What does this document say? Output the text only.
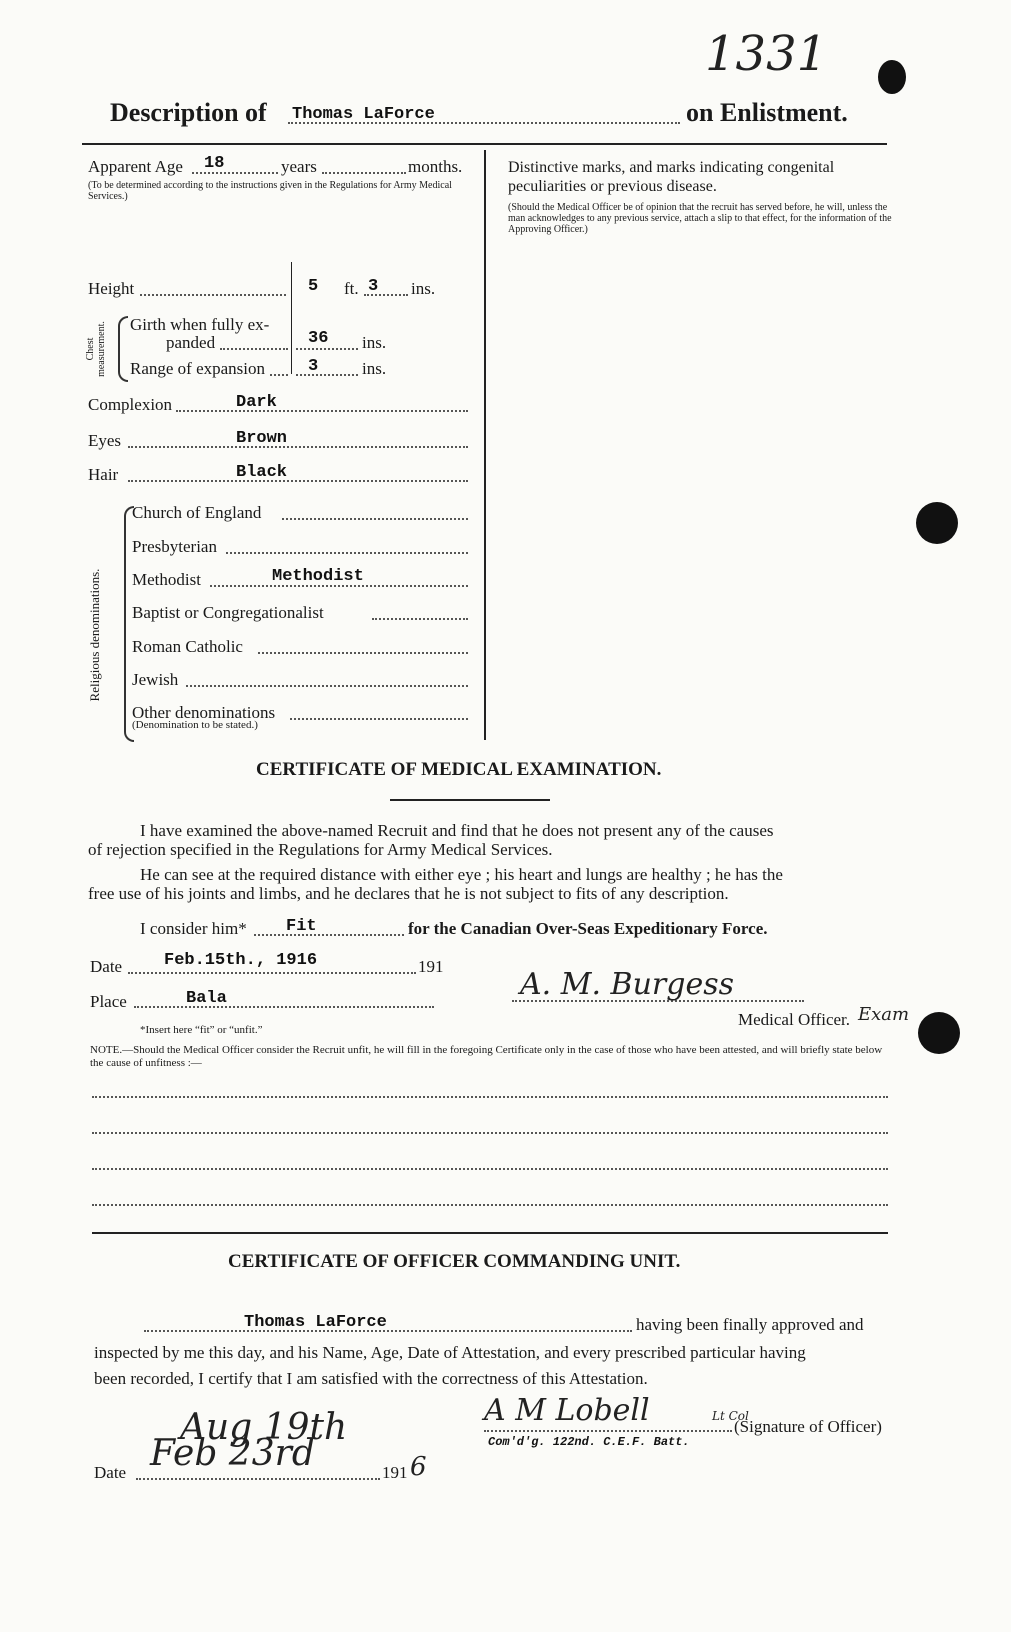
1331
Description of Thomas LaForce	on Enlistment.
Apparent Age 18	years	months.
(To be determined according to the instructions given in the Regulations for Army Medical Services.)
Height	5 ft. 3 ins.
Chest measurement.	Girth when fully ex-
panded	36 ins.
Range of expansion	3	ins.
Complexion	Dark
Eyes	Brown
Hair	Black
Religious denominations.
Church of England
Presbyterian
Methodist	Methodist
Baptist or Congregationalist
Roman Catholic
Jewish
Other denominations
(Denomination to be stated.)
Distinctive marks, and marks indicating congenital peculiarities or previous disease.
(Should the Medical Officer be of opinion that the recruit has served before, he will, unless the man acknowledges to any previous service, attach a slip to that effect, for the information of the Approving Officer.)
CERTIFICATE OF MEDICAL EXAMINATION.
I have examined the above-named Recruit and find that he does not present any of the causes
of rejection specified in the Regulations for Army Medical Services.
He can see at the required distance with either eye ; his heart and lungs are healthy ; he has the
free use of his joints and limbs, and he declares that he is not subject to fits of any description.
I consider him* Fit	for the Canadian Over-Seas Expeditionary Force.
Date Feb.15th., 1916	191
Place	Bala	A. M. Burgess
Medical Officer. Exam
*Insert here “fit” or “unfit.”
NOTE.—Should the Medical Officer consider the Recruit unfit, he will fill in the foregoing Certificate only in the case of those who have been attested, and will briefly state below the cause of unfitness :—
CERTIFICATE OF OFFICER COMMANDING UNIT.
Thomas LaForce	having been finally approved and
inspected by me this day, and his Name, Age, Date of Attestation, and every prescribed particular having
been recorded, I certify that I am satisfied with the correctness of this Attestation.
Aug 19th	A M Lobell	Lt Col
(Signature of Officer)
Com'd'g. 122nd. C.E.F. Batt.
Date Feb 23rd	191 6
